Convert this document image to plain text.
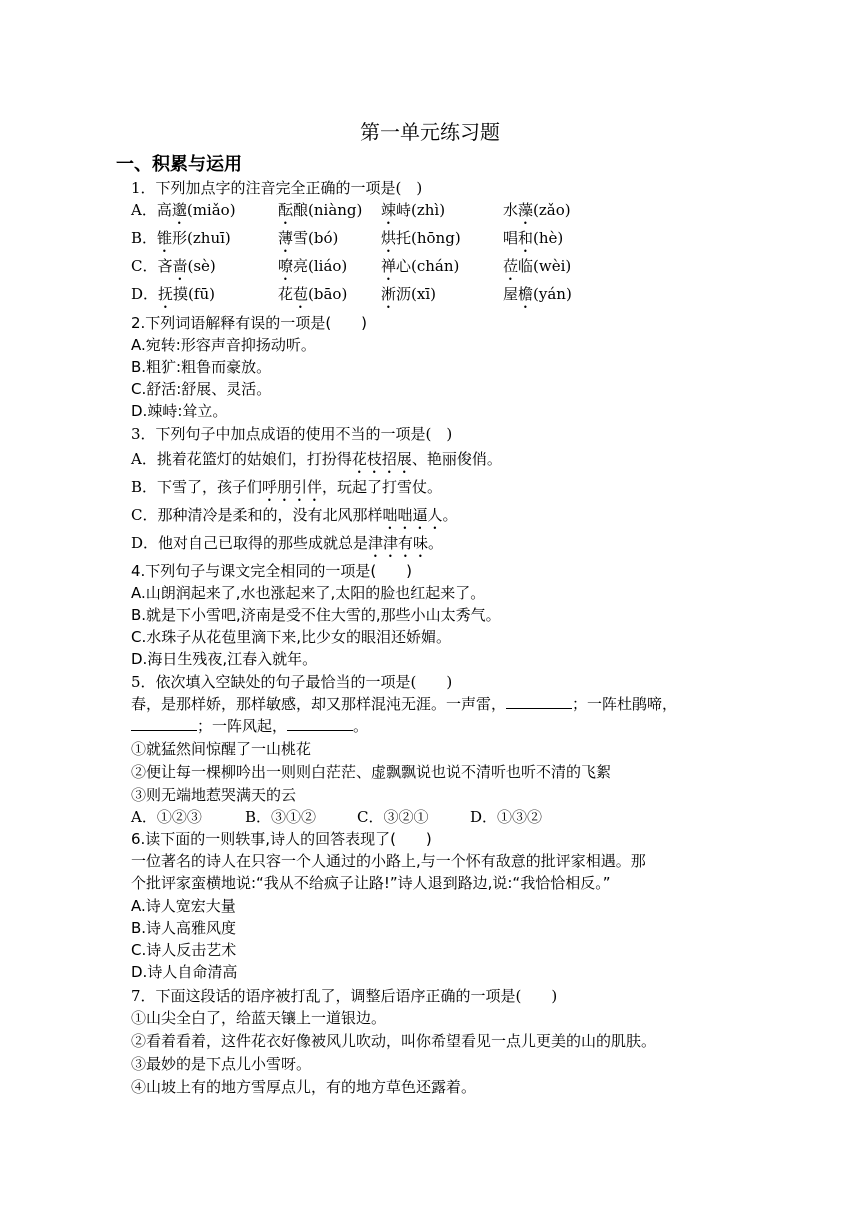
第一单元练习题
一、积累与运用
1．下列加点字的注音完全正确的一项是(　)
A．高邈(miǎo)	酝酿(niàng) 竦峙(zhì)	水藻(zǎo)
B．锥形(zhuī)	薄雪(bó)	烘托(hōng)	唱和(hè)
C．吝啬(sè)	嘹亮(liáo) 禅心(chán)	莅临(wèi)
D．抚摸(fū)	花苞(bāo) 淅沥(xī)	屋檐(yán)
2.下列词语解释有误的一项是(　　)
A.宛转:形容声音抑扬动听。
B.粗犷:粗鲁而豪放。
C.舒活:舒展、灵活。
D.竦峙:耸立。
3．下列句子中加点成语的使用不当的一项是(　)
A．挑着花篮灯的姑娘们，打扮得花枝招展、艳丽俊俏。
B．下雪了，孩子们呼朋引伴，玩起了打雪仗。
C．那种清冷是柔和的，没有北风那样咄咄逼人。
D．他对自己已取得的那些成就总是津津有味。
4.下列句子与课文完全相同的一项是(　　)
A.山朗润起来了,水也涨起来了,太阳的脸也红起来了。
B.就是下小雪吧,济南是受不住大雪的,那些小山太秀气。
C.水珠子从花苞里滴下来,比少女的眼泪还娇媚。
D.海日生残夜,江春入就年。
5．依次填入空缺处的句子最恰当的一项是(　　)
春，是那样娇，那样敏感，却又那样混沌无涯。一声雷，	；一阵杜鹃啼，
；一阵风起，	。
①就猛然间惊醒了一山桃花
②便让每一棵柳吟出一则则白茫茫、虚飘飘说也说不清听也听不清的飞絮
③则无端地惹哭满天的云
A．①②③	B．③①②	C．③②①	D．①③②
6.读下面的一则轶事,诗人的回答表现了(　　)
一位著名的诗人在只容一个人通过的小路上,与一个怀有敌意的批评家相遇。那
个批评家蛮横地说:“我从不给疯子让路!”诗人退到路边,说:“我恰恰相反。”
A.诗人宽宏大量
B.诗人高雅风度
C.诗人反击艺术
D.诗人自命清高
7．下面这段话的语序被打乱了，调整后语序正确的一项是(　　)
①山尖全白了，给蓝天镶上一道银边。
②看着看着，这件花衣好像被风儿吹动，叫你希望看见一点儿更美的山的肌肤。
③最妙的是下点儿小雪呀。
④山坡上有的地方雪厚点儿，有的地方草色还露着。
